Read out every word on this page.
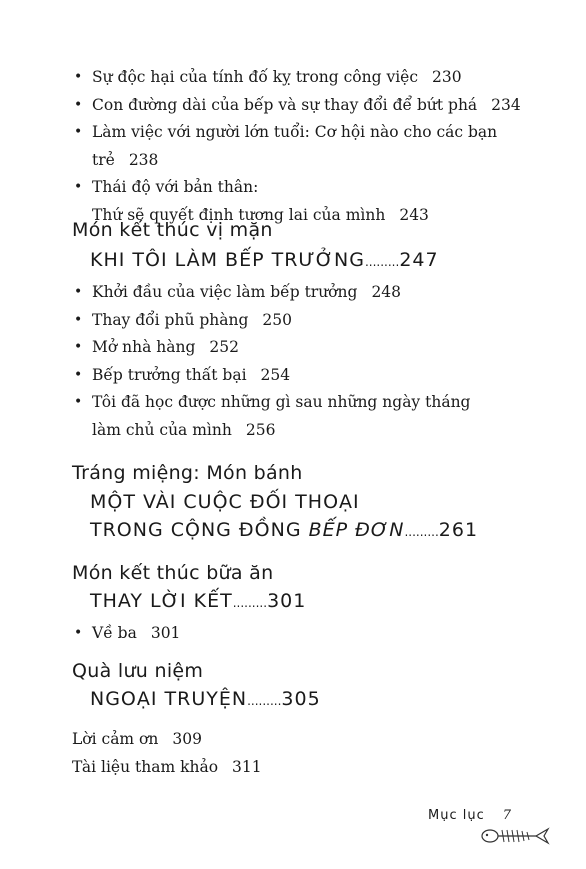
• Sự độc hại của tính đố kỵ trong công việc 230
• Con đường dài của bếp và sự thay đổi để bứt phá 234
• Làm việc với người lớn tuổi: Cơ hội nào cho các bạn trẻ 238
• Thái độ với bản thân:
Thứ sẽ quyết định tương lai của mình 243
Món kết thúc vị mặn
KHI TÔI LÀM BẾP TRƯỞNG.........247
• Khởi đầu của việc làm bếp trưởng 248
• Thay đổi phũ phàng 250
• Mở nhà hàng 252
• Bếp trưởng thất bại 254
• Tôi đã học được những gì sau những ngày tháng
làm chủ của mình 256
Tráng miệng: Món bánh
MỘT VÀI CUỘC ĐỐI THOẠI
TRONG CỘNG ĐỒNG BẾP ĐƠN.........261
Món kết thúc bữa ăn
THAY LỜI KẾT.........301
• Về ba 301
Quà lưu niệm
NGOẠI TRUYỆN.........305
Lời cảm ơn 309
Tài liệu tham khảo 311
Mục lục 7
